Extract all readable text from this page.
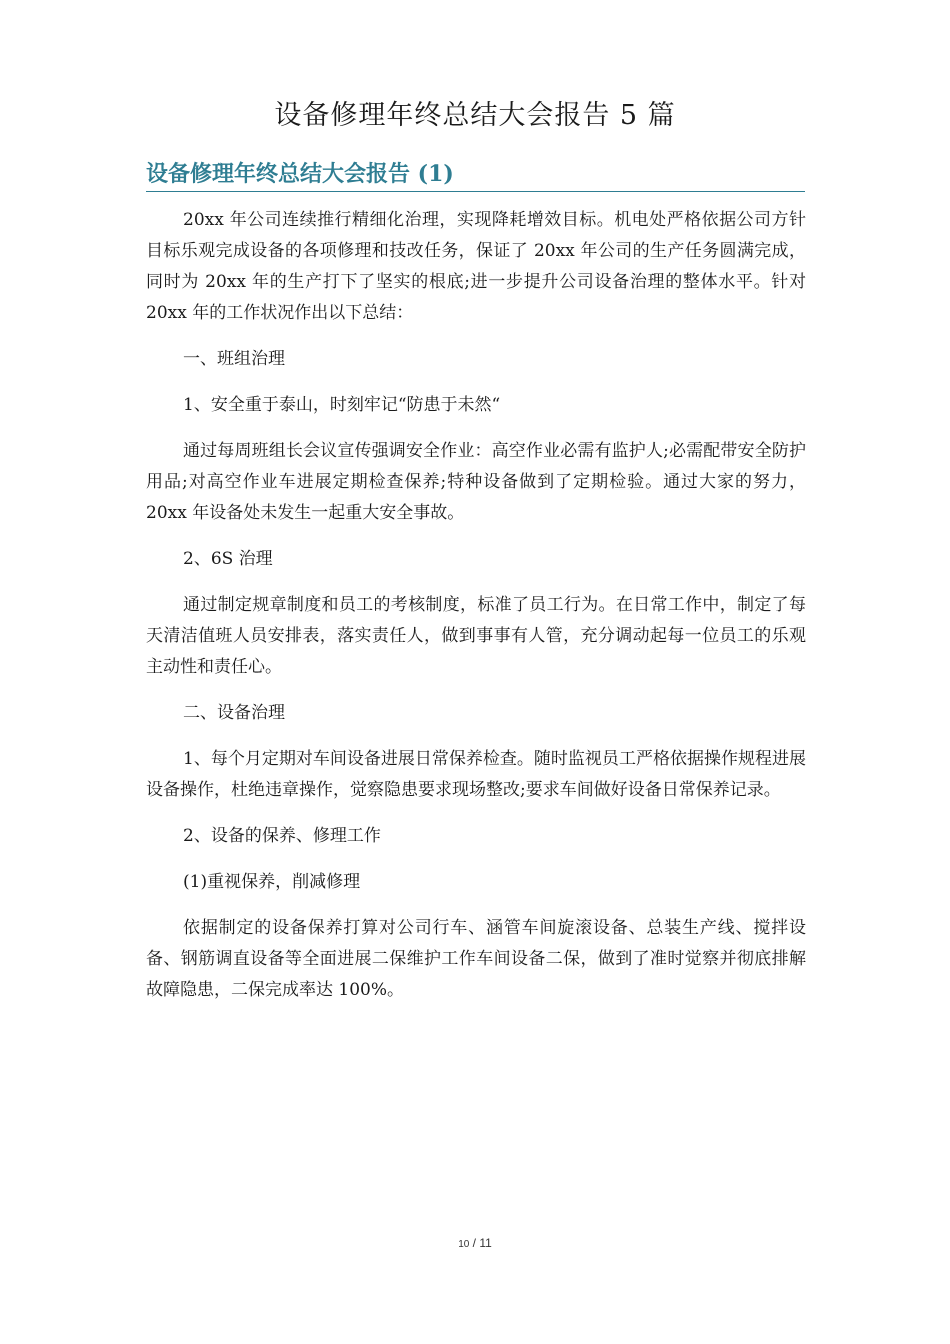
设备修理年终总结大会报告 5 篇
设备修理年终总结大会报告 (1)

20xx 年公司连续推行精细化治理，实现降耗增效目标。机电处严格依据公司方针目标乐观完成设备的各项修理和技改任务，保证了 20xx 年公司的生产任务圆满完成，同时为 20xx 年的生产打下了坚实的根底;进一步提升公司设备治理的整体水平。针对 20xx 年的工作状况作出以下总结：

一、班组治理

1、安全重于泰山，时刻牢记“防患于未然“

通过每周班组长会议宣传强调安全作业：高空作业必需有监护人;必需配带安全防护用品;对高空作业车进展定期检查保养;特种设备做到了定期检验。通过大家的努力，20xx 年设备处未发生一起重大安全事故。

2、6S 治理

通过制定规章制度和员工的考核制度，标准了员工行为。在日常工作中，制定了每天清洁值班人员安排表，落实责任人，做到事事有人管，充分调动起每一位员工的乐观主动性和责任心。

二、设备治理

1、每个月定期对车间设备进展日常保养检查。随时监视员工严格依据操作规程进展设备操作，杜绝违章操作，觉察隐患要求现场整改;要求车间做好设备日常保养记录。

2、设备的保养、修理工作

(1)重视保养，削减修理

依据制定的设备保养打算对公司行车、涵管车间旋滚设备、总装生产线、搅拌设备、钢筋调直设备等全面进展二保维护工作车间设备二保，做到了准时觉察并彻底排解故障隐患，二保完成率达 100%。

10 / 11
